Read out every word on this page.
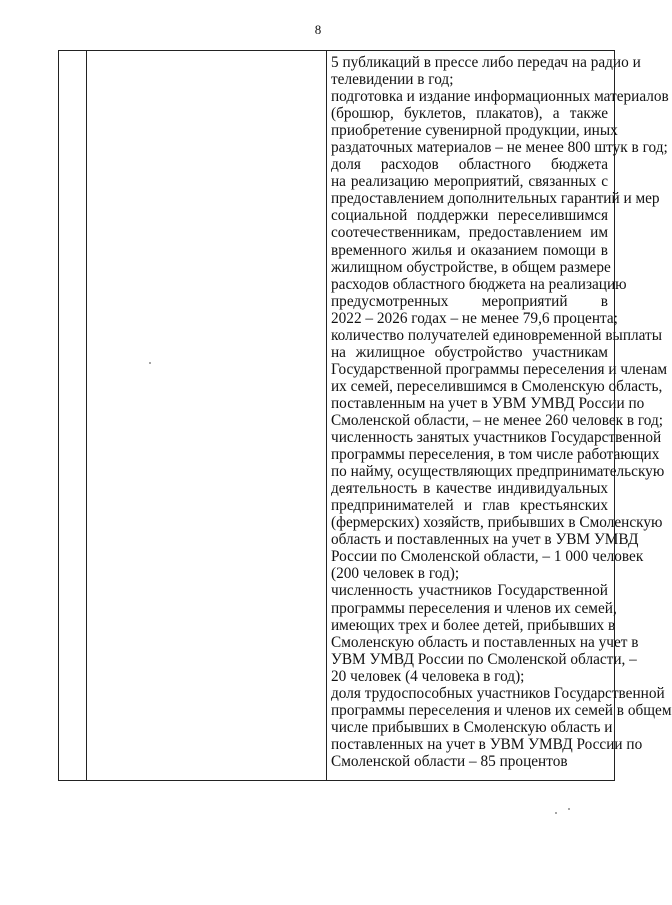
8
5 публикаций в прессе либо передач на радио и
телевидении в год;
подготовка и издание информационных материалов
(брошюр, буклетов, плакатов), а также
приобретение сувенирной продукции, иных
раздаточных материалов – не менее 800 штук в год;
доля расходов областного бюджета
на реализацию мероприятий, связанных с
предоставлением дополнительных гарантий и мер
социальной поддержки переселившимся
соотечественникам, предоставлением им
временного жилья и оказанием помощи в
жилищном обустройстве, в общем размере
расходов областного бюджета на реализацию
предусмотренных мероприятий в
2022 – 2026 годах – не менее 79,6 процента;
количество получателей единовременной выплаты
на жилищное обустройство участникам
Государственной программы переселения и членам
их семей, переселившимся в Смоленскую область,
поставленным на учет в УВМ УМВД России по
Смоленской области, – не менее 260 человек в год;
численность занятых участников Государственной
программы переселения, в том числе работающих
по найму, осуществляющих предпринимательскую
деятельность в качестве индивидуальных
предпринимателей и глав крестьянских
(фермерских) хозяйств, прибывших в Смоленскую
область и поставленных на учет в УВМ УМВД
России по Смоленской области, – 1 000 человек
(200 человек в год);
численность участников Государственной
программы переселения и членов их семей,
имеющих трех и более детей, прибывших в
Смоленскую область и поставленных на учет в
УВМ УМВД России по Смоленской области, –
20 человек (4 человека в год);
доля трудоспособных участников Государственной
программы переселения и членов их семей в общем
числе прибывших в Смоленскую область и
поставленных на учет в УВМ УМВД России по
Смоленской области – 85 процентов
